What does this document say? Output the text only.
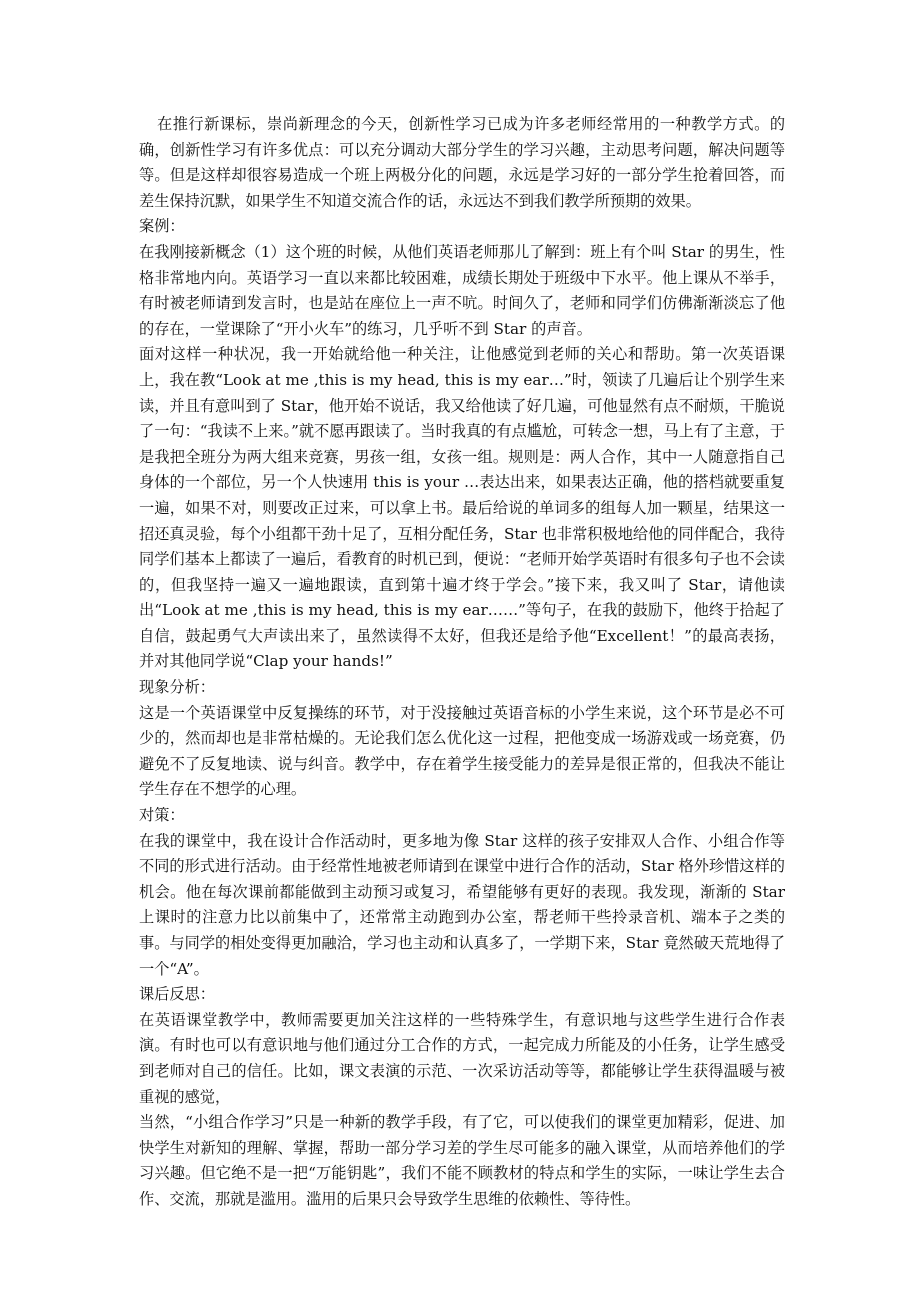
在推行新课标，崇尚新理念的今天，创新性学习已成为许多老师经常用的一种教学方式。的确，创新性学习有许多优点：可以充分调动大部分学生的学习兴趣，主动思考问题，解决问题等等。但是这样却很容易造成一个班上两极分化的问题，永远是学习好的一部分学生抢着回答，而差生保持沉默，如果学生不知道交流合作的话，永远达不到我们教学所预期的效果。

案例：

在我刚接新概念（1）这个班的时候，从他们英语老师那儿了解到：班上有个叫 Star 的男生，性格非常地内向。英语学习一直以来都比较困难，成绩长期处于班级中下水平。他上课从不举手，有时被老师请到发言时，也是站在座位上一声不吭。时间久了，老师和同学们仿佛渐渐淡忘了他的存在，一堂课除了“开小火车”的练习，几乎听不到 Star 的声音。

面对这样一种状况，我一开始就给他一种关注，让他感觉到老师的关心和帮助。第一次英语课上，我在教“Look at me ,this is my head, this is my ear…”时，领读了几遍后让个别学生来读，并且有意叫到了 Star，他开始不说话，我又给他读了好几遍，可他显然有点不耐烦，干脆说了一句：“我读不上来。”就不愿再跟读了。当时我真的有点尴尬，可转念一想，马上有了主意，于是我把全班分为两大组来竞赛，男孩一组，女孩一组。规则是：两人合作，其中一人随意指自己身体的一个部位，另一个人快速用 this is your …表达出来，如果表达正确，他的搭档就要重复一遍，如果不对，则要改正过来，可以拿上书。最后给说的单词多的组每人加一颗星，结果这一招还真灵验，每个小组都干劲十足了，互相分配任务，Star 也非常积极地给他的同伴配合，我待同学们基本上都读了一遍后，看教育的时机已到，便说：“老师开始学英语时有很多句子也不会读的，但我坚持一遍又一遍地跟读，直到第十遍才终于学会。”接下来，我又叫了 Star，请他读出“Look at me ,this is my head, this is my ear……”等句子，在我的鼓励下，他终于拾起了自信，鼓起勇气大声读出来了，虽然读得不太好，但我还是给予他“Excellent！”的最高表扬，并对其他同学说“Clap your hands!”

现象分析：

这是一个英语课堂中反复操练的环节，对于没接触过英语音标的小学生来说，这个环节是必不可少的，然而却也是非常枯燥的。无论我们怎么优化这一过程，把他变成一场游戏或一场竞赛，仍避免不了反复地读、说与纠音。教学中，存在着学生接受能力的差异是很正常的，但我决不能让学生存在不想学的心理。

对策：

在我的课堂中，我在设计合作活动时，更多地为像 Star 这样的孩子安排双人合作、小组合作等不同的形式进行活动。由于经常性地被老师请到在课堂中进行合作的活动，Star 格外珍惜这样的机会。他在每次课前都能做到主动预习或复习，希望能够有更好的表现。我发现，渐渐的 Star 上课时的注意力比以前集中了，还常常主动跑到办公室，帮老师干些拎录音机、端本子之类的事。与同学的相处变得更加融洽，学习也主动和认真多了，一学期下来，Star 竟然破天荒地得了一个“A”。

课后反思：

在英语课堂教学中，教师需要更加关注这样的一些特殊学生，有意识地与这些学生进行合作表演。有时也可以有意识地与他们通过分工合作的方式，一起完成力所能及的小任务，让学生感受到老师对自己的信任。比如，课文表演的示范、一次采访活动等等，都能够让学生获得温暖与被重视的感觉，

当然，“小组合作学习”只是一种新的教学手段，有了它，可以使我们的课堂更加精彩，促进、加快学生对新知的理解、掌握，帮助一部分学习差的学生尽可能多的融入课堂，从而培养他们的学习兴趣。但它绝不是一把“万能钥匙”，我们不能不顾教材的特点和学生的实际，一味让学生去合作、交流，那就是滥用。滥用的后果只会导致学生思维的依赖性、等待性。
